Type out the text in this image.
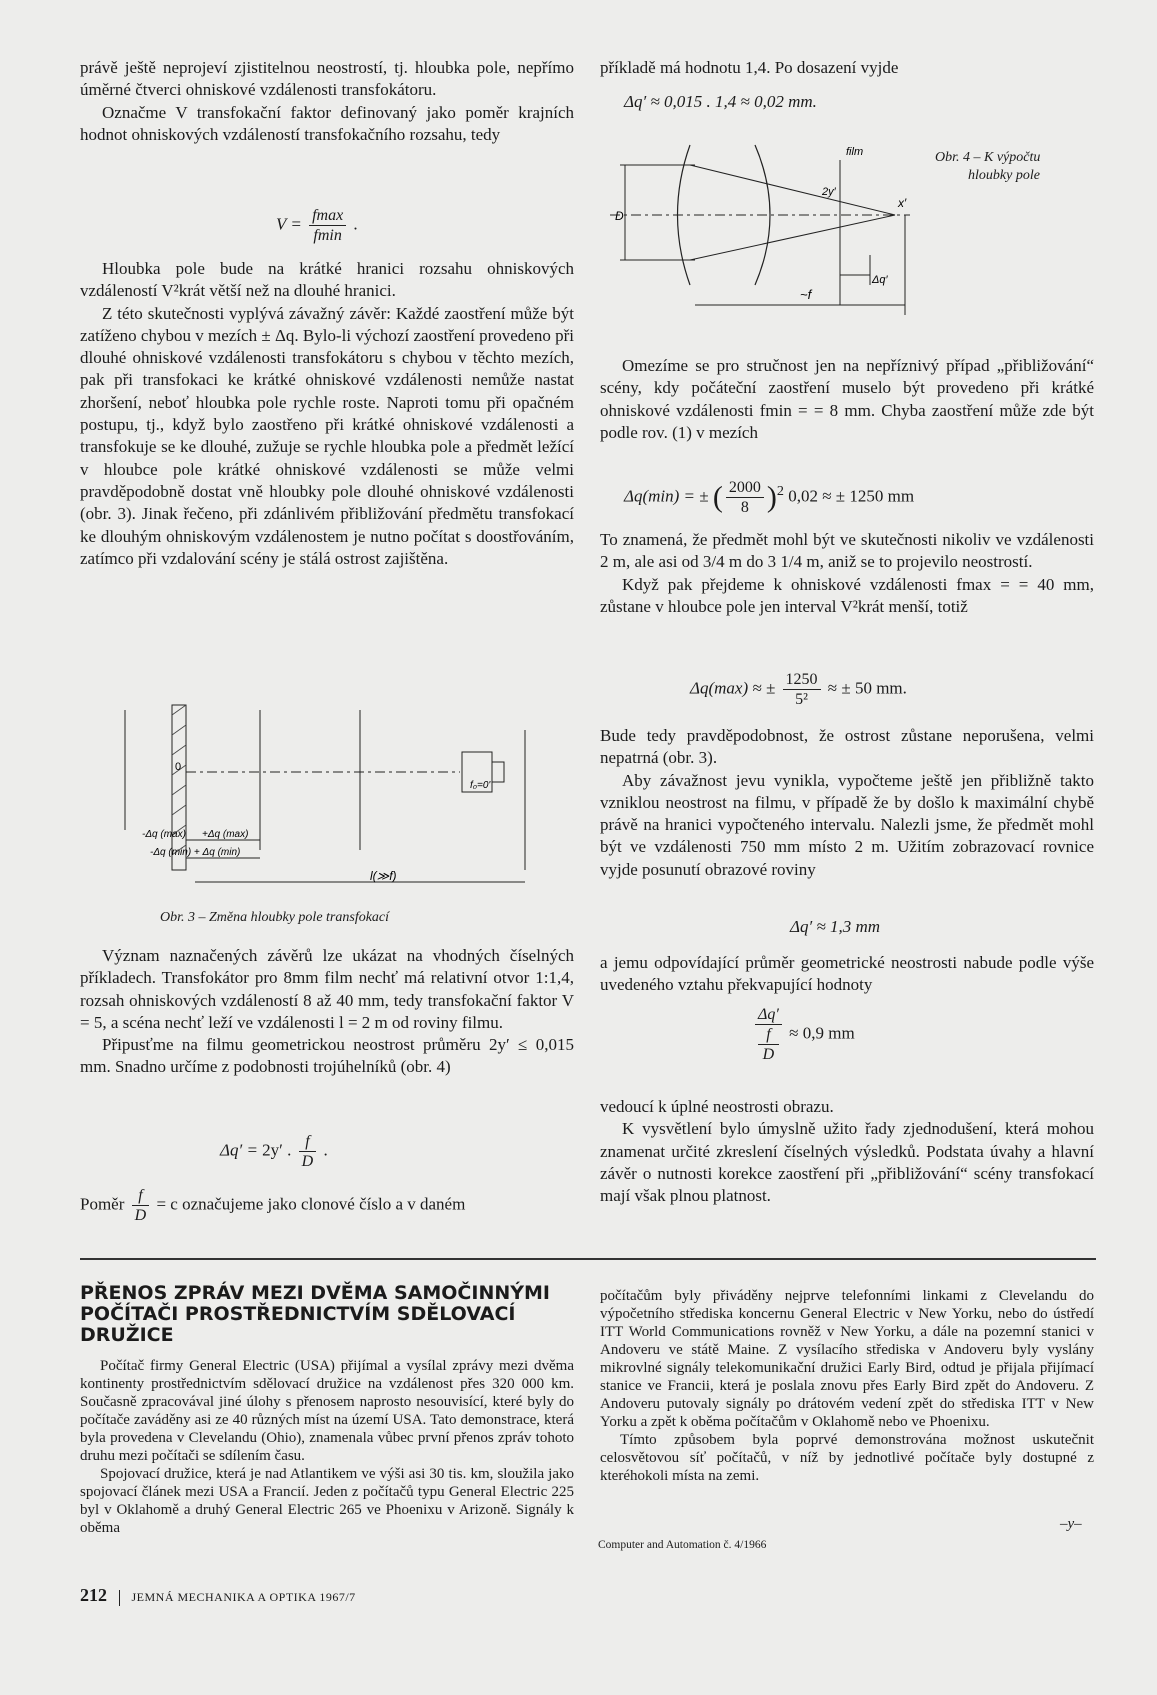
právě ještě neprojeví zjistitelnou neostrostí, tj. hloubka pole, nepřímo úměrné čtverci ohniskové vzdálenosti transfokátoru.

Označme V transfokační faktor definovaný jako poměr krajních hodnot ohniskových vzdáleností transfokačního rozsahu, tedy

$V = \frac{fmax}{fmin}$ .

Hloubka pole bude na krátké hranici rozsahu ohniskových vzdáleností V²krát větší než na dlouhé hranici.

Z této skutečnosti vyplývá závažný závěr: Každé zaostření může být zatíženo chybou v mezích ± Δq. Bylo-li výchozí zaostření provedeno při dlouhé ohniskové vzdálenosti transfokátoru s chybou v těchto mezích, pak při transfokaci ke krátké ohniskové vzdálenosti nemůže nastat zhoršení, neboť hloubka pole rychle roste. Naproti tomu při opačném postupu, tj., když bylo zaostřeno při krátké ohniskové vzdálenosti a transfokuje se ke dlouhé, zužuje se rychle hloubka pole a předmět ležící v hloubce pole krátké ohniskové vzdálenosti se může velmi pravděpodobně dostat vně hloubky pole dlouhé ohniskové vzdálenosti (obr. 3). Jinak řečeno, při zdánlivém přibližování předmětu transfokací ke dlouhým ohniskovým vzdálenostem je nutno počítat s doostřováním, zatímco při vzdalování scény je stálá ostrost zajištěna.

0
-Δq (max) +Δq (max)
-Δq (min) + Δq (min)
f₀=0'
l(≫f)
Obr. 3 – Změna hloubky pole transfokací

Význam naznačených závěrů lze ukázat na vhodných číselných příkladech. Transfokátor pro 8mm film nechť má relativní otvor 1:1,4, rozsah ohniskových vzdáleností 8 až 40 mm, tedy transfokační faktor V = 5, a scéna nechť leží ve vzdálenosti l = 2 m od roviny filmu.

Připusťme na filmu geometrickou neostrost průměru 2y′ ≤ 0,015 mm. Snadno určíme z podobnosti trojúhelníků (obr. 4)

Δq′ = 2y′ . $\frac{f}{D}$ .
Poměr $\frac{f}{D} = c$ označujeme jako clonové číslo a v daném

příkladě má hodnotu 1,4. Po dosazení vyjde

Δq′ ≈ 0,015 . 1,4 ≈ 0,02 mm.
D
film
2y′
x′
Δq′
~f
Obr. 4 – K výpočtu
hloubky pole

Omezíme se pro stručnost jen na nepříznivý případ „přibližování“ scény, kdy počáteční zaostření muselo být provedeno při krátké ohniskové vzdálenosti fmin = = 8 mm. Chyba zaostření může zde být podle rov. (1) v mezích

Δq(min) = ± ( $\frac{2000}{8} )^2$ 0,02 ≈ ± 1250 mm

To znamená, že předmět mohl být ve skutečnosti nikoliv ve vzdálenosti 2 m, ale asi od 3/4 m do 3 1/4 m, aniž se to projevilo neostrostí.

Když pak přejdeme k ohniskové vzdálenosti fmax = = 40 mm, zůstane v hloubce pole jen interval V²krát menší, totiž

Δq(max) ≈ ± $\frac{1250}{\text{5²}}$ ≈ ± 50 mm.

Bude tedy pravděpodobnost, že ostrost zůstane neporušena, velmi nepatrná (obr. 3).

Aby závažnost jevu vynikla, vypočteme ještě jen přibližně takto vzniklou neostrost na filmu, v případě že by došlo k maximální chybě právě na hranici vypočteného intervalu. Nalezli jsme, že předmět mohl být ve vzdálenosti 750 mm místo 2 m. Užitím zobrazovací rovnice vyjde posunutí obrazové roviny

Δq′ ≈ 1,3 mm

a jemu odpovídající průměr geometrické neostrosti nabude podle výše uvedeného vztahu překvapující hodnoty

Δq′
f
D ≈ 0,9 mm

vedoucí k úplné neostrosti obrazu.

K vysvětlení bylo úmyslně užito řady zjednodušení, která mohou znamenat určité zkreslení číselných výsledků. Podstata úvahy a hlavní závěr o nutnosti korekce zaostření při „přibližování“ scény transfokací mají však plnou platnost.

PŘENOS ZPRÁV MEZI DVĚMA SAMOČINNÝMI POČÍTAČI PROSTŘEDNICTVÍM SDĚLOVACÍ DRUŽICE

Počítač firmy General Electric (USA) přijímal a vysílal zprávy mezi dvěma kontinenty prostřednictvím sdělovací družice na vzdálenost přes 320 000 km. Současně zpracovával jiné úlohy s přenosem naprosto nesouvisící, které byly do počítače zaváděny asi ze 40 různých míst na území USA. Tato demonstrace, která byla provedena v Clevelandu (Ohio), znamenala vůbec první přenos zpráv tohoto druhu mezi počítači se sdílením času.

Spojovací družice, která je nad Atlantikem ve výši asi 30 tis. km, sloužila jako spojovací článek mezi USA a Francií. Jeden z počítačů typu General Electric 225 byl v Oklahomě a druhý General Electric 265 ve Phoenixu v Arizoně. Signály k oběma

počítačům byly přiváděny nejprve telefonními linkami z Clevelandu do výpočetního střediska koncernu General Electric v New Yorku, nebo do ústředí ITT World Communications rovněž v New Yorku, a dále na pozemní stanici v Andoveru ve státě Maine. Z vysílacího střediska v Andoveru byly vyslány mikrovlné signály telekomunikační družici Early Bird, odtud je přijala přijímací stanice ve Francii, která je poslala znovu přes Early Bird zpět do Andoveru. Z Andoveru putovaly signály po drátovém vedení zpět do střediska ITT v New Yorku a zpět k oběma počítačům v Oklahomě nebo ve Phoenixu.

Tímto způsobem byla poprvé demonstrována možnost uskutečnit celosvětovou síť počítačů, v níž by jednotlivé počítače byly dostupné z kteréhokoli místa na zemi.

–y–
Computer and Automation č. 4/1966
212 JEMNÁ MECHANIKA A OPTIKA 1967/7
